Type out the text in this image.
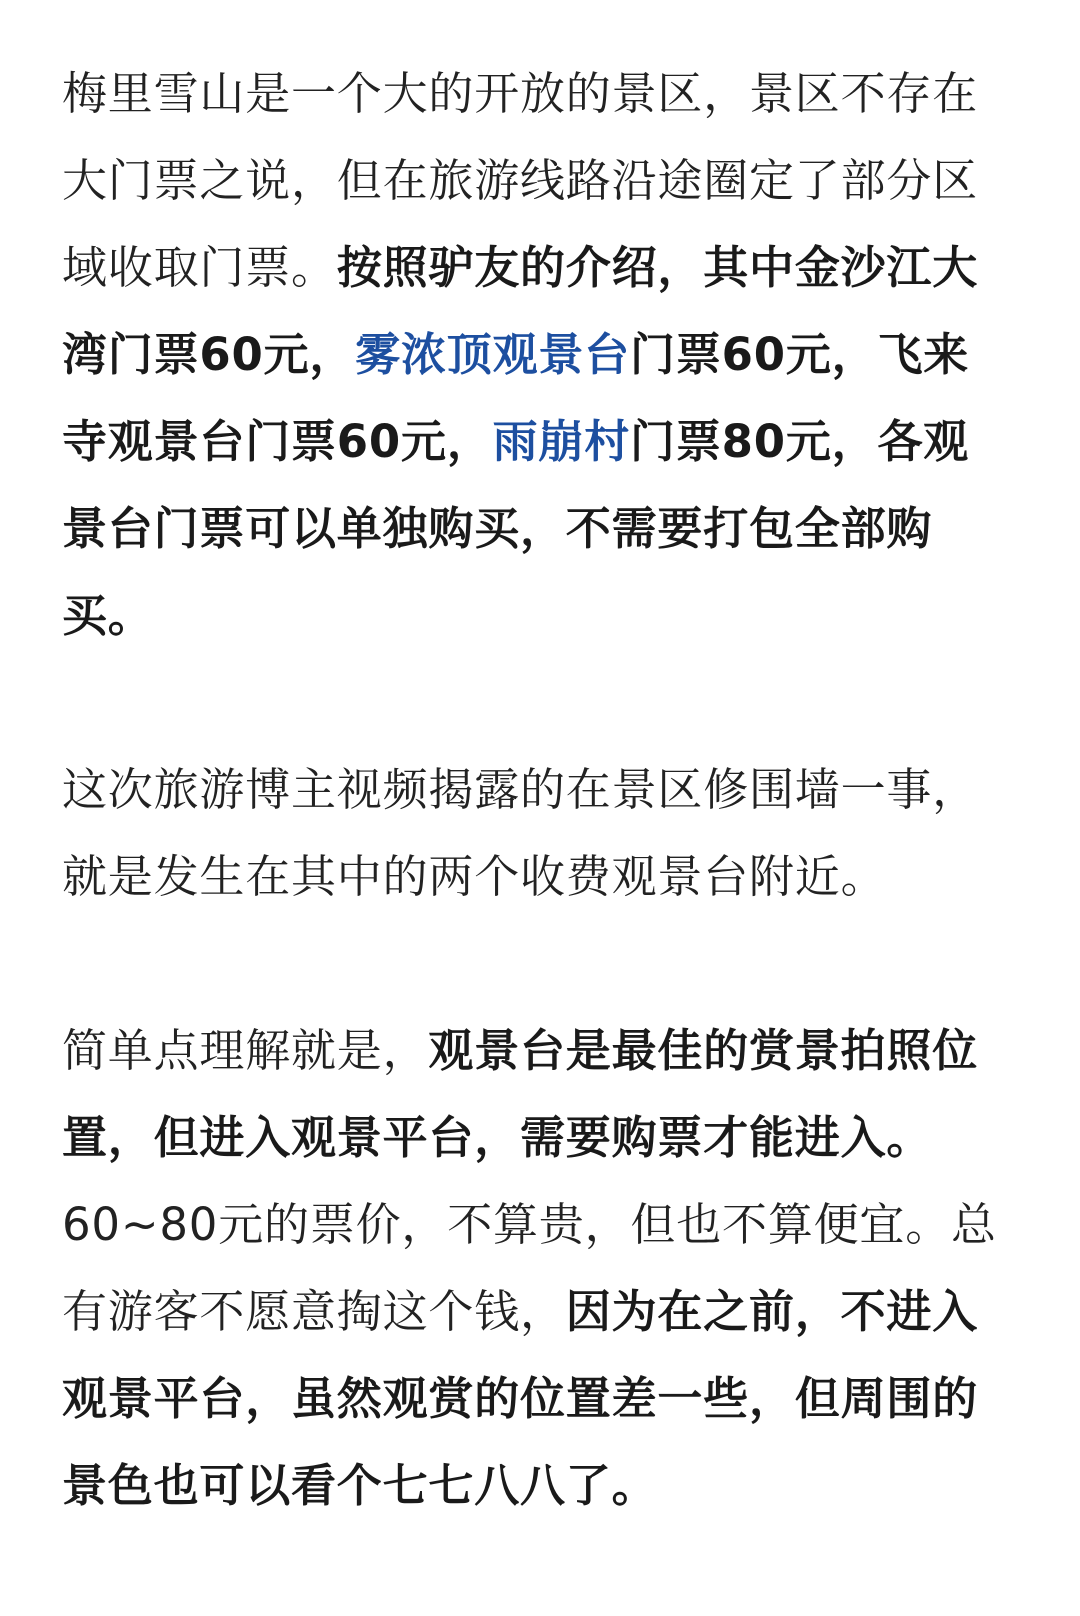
梅里雪山是一个大的开放的景区，景区不存在大门票之说，但在旅游线路沿途圈定了部分区域收取门票。按照驴友的介绍，其中金沙江大湾门票60元，雾浓顶观景台门票60元，飞来寺观景台门票60元，雨崩村门票80元，各观景台门票可以单独购买，不需要打包全部购买。

这次旅游博主视频揭露的在景区修围墙一事，就是发生在其中的两个收费观景台附近。

简单点理解就是，观景台是最佳的赏景拍照位置，但进入观景平台，需要购票才能进入。60~80元的票价，不算贵，但也不算便宜。总有游客不愿意掏这个钱，因为在之前，不进入观景平台，虽然观赏的位置差一些，但周围的景色也可以看个七七八八了。
